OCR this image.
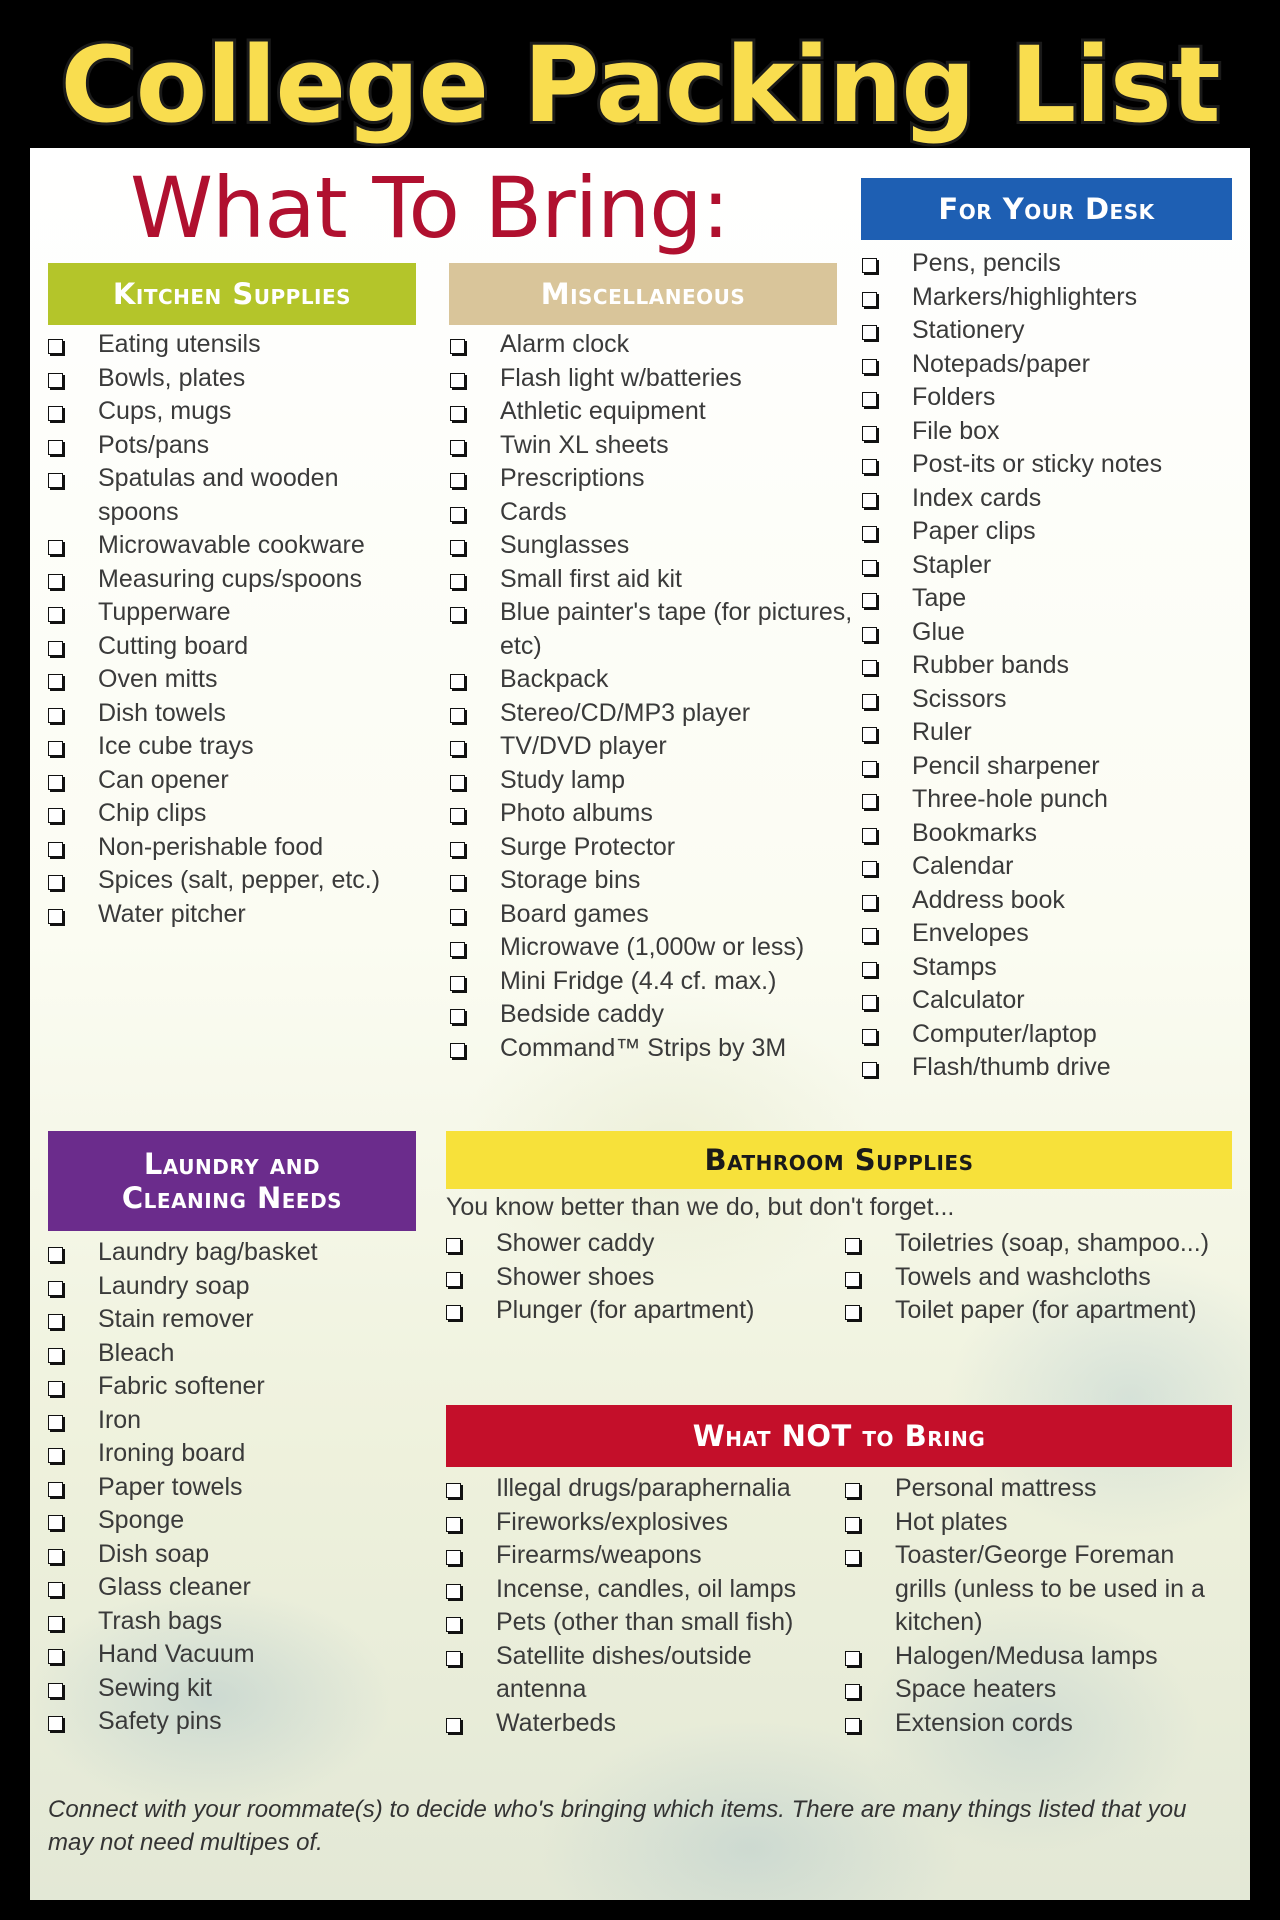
College Packing List
What To Bring:
Kitchen Supplies
Eating utensils
Bowls, plates
Cups, mugs
Pots/pans
Spatulas and wooden spoons
Microwavable cookware
Measuring cups/spoons
Tupperware
Cutting board
Oven mitts
Dish towels
Ice cube trays
Can opener
Chip clips
Non-perishable food
Spices (salt, pepper, etc.)
Water pitcher
Miscellaneous
Alarm clock
Flash light w/batteries
Athletic equipment
Twin XL sheets
Prescriptions
Cards
Sunglasses
Small first aid kit
Blue painter's tape (for pictures, etc)
Backpack
Stereo/CD/MP3 player
TV/DVD player
Study lamp
Photo albums
Surge Protector
Storage bins
Board games
Microwave (1,000w or less)
Mini Fridge (4.4 cf. max.)
Bedside caddy
Command™ Strips by 3M
For Your Desk
Pens, pencils
Markers/highlighters
Stationery
Notepads/paper
Folders
File box
Post-its or sticky notes
Index cards
Paper clips
Stapler
Tape
Glue
Rubber bands
Scissors
Ruler
Pencil sharpener
Three-hole punch
Bookmarks
Calendar
Address book
Envelopes
Stamps
Calculator
Computer/laptop
Flash/thumb drive
Laundry and
Cleaning Needs
Laundry bag/basket
Laundry soap
Stain remover
Bleach
Fabric softener
Iron
Ironing board
Paper towels
Sponge
Dish soap
Glass cleaner
Trash bags
Hand Vacuum
Sewing kit
Safety pins
Bathroom Supplies
You know better than we do, but don't forget...
Shower caddy
Shower shoes
Plunger (for apartment)
Toiletries (soap, shampoo...)
Towels and washcloths
Toilet paper (for apartment)
What NOT to Bring
Illegal drugs/paraphernalia
Fireworks/explosives
Firearms/weapons
Incense, candles, oil lamps
Pets (other than small fish)
Satellite dishes/outside antenna
Waterbeds
Personal mattress
Hot plates
Toaster/George Foreman grills (unless to be used in a kitchen)
Halogen/Medusa lamps
Space heaters
Extension cords
Connect with your roommate(s) to decide who's bringing which items. There are many things listed that you may not need multipes of.
